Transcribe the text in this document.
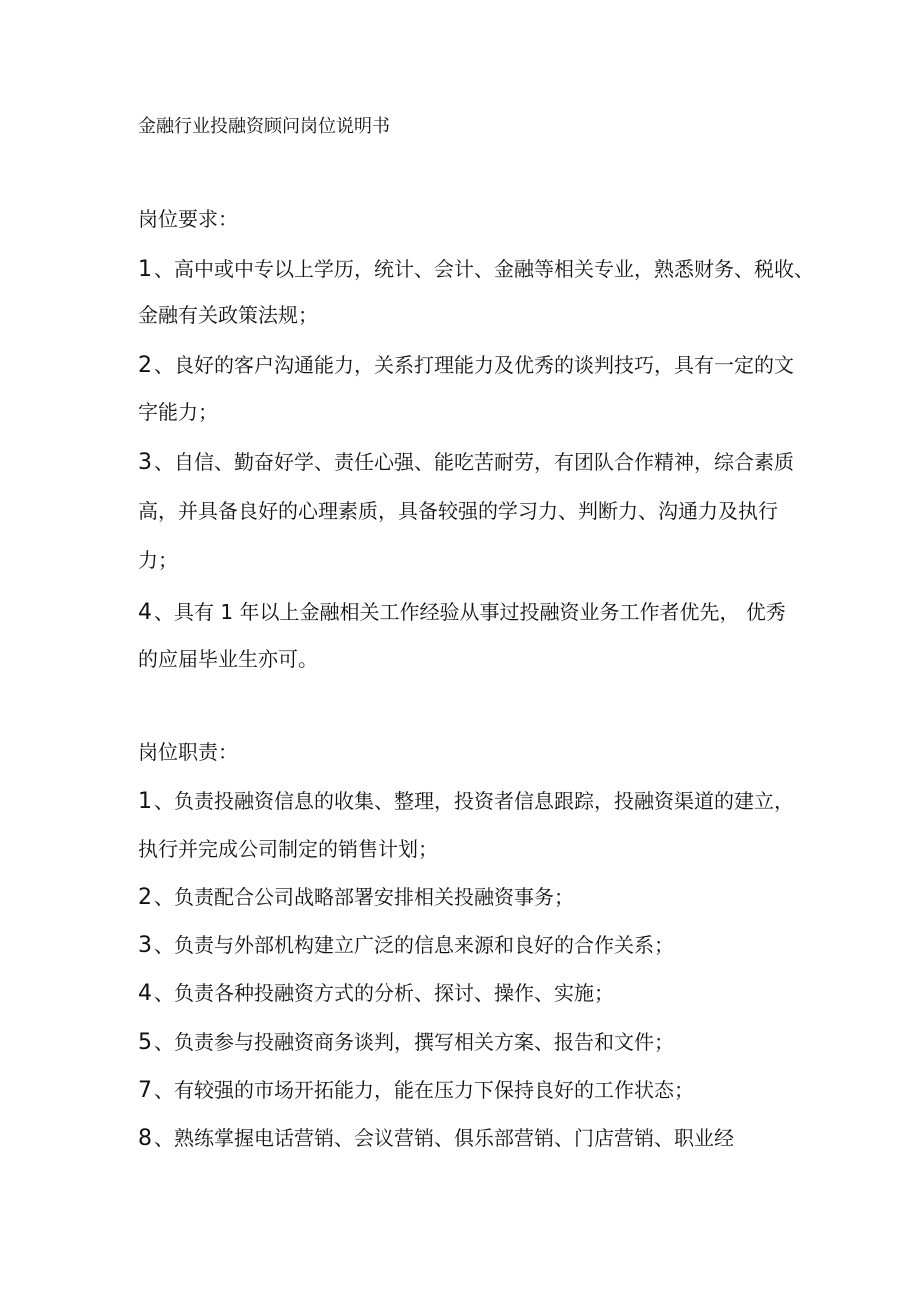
金融行业投融资顾问岗位说明书
岗位要求：
1 、高中或中专以上学历，统计、会计、金融等相关专业，熟悉财务、税收、
金融有关政策法规；
2 、良好的客户沟通能力，关系打理能力及优秀的谈判技巧，具有一定的文
字能力；
3 、自信、勤奋好学、责任心强、能吃苦耐劳，有团队合作精神，综合素质
高，并具备良好的心理素质，具备较强的学习力、判断力、沟通力及执行
力；
4 、具有 1 年以上金融相关工作经验从事过投融资业务工作者优先， 优秀
的应届毕业生亦可。
岗位职责：
1 、负责投融资信息的收集、整理，投资者信息跟踪，投融资渠道的建立，
执行并完成公司制定的销售计划；
2 、负责配合公司战略部署安排相关投融资事务；
3 、负责与外部机构建立广泛的信息来源和良好的合作关系；
4 、负责各种投融资方式的分析、探讨、操作、实施；
5 、负责参与投融资商务谈判，撰写相关方案、报告和文件；
7 、有较强的市场开拓能力，能在压力下保持良好的工作状态；
8 、熟练掌握电话营销、会议营销、俱乐部营销、门店营销、职业经
